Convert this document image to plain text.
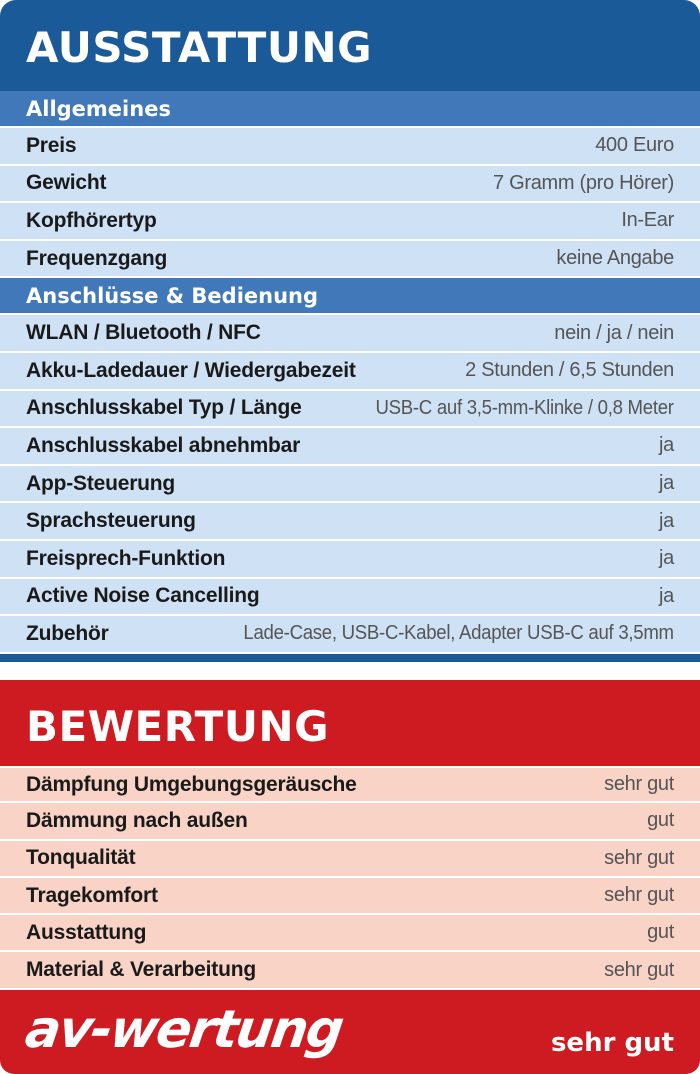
AUSSTATTUNG
Allgemeines
Preis	400 Euro
Gewicht	7 Gramm (pro Hörer)
Kopfhörertyp	In-Ear
Frequenzgang	keine Angabe
Anschlüsse & Bedienung
WLAN / Bluetooth / NFC	nein / ja / nein
Akku-Ladedauer / Wiedergabezeit	2 Stunden / 6,5 Stunden
Anschlusskabel Typ / Länge	USB-C auf 3,5-mm-Klinke / 0,8 Meter
Anschlusskabel abnehmbar	ja
App-Steuerung	ja
Sprachsteuerung	ja
Freisprech-Funktion	ja
Active Noise Cancelling	ja
Zubehör	Lade-Case, USB-C-Kabel, Adapter USB-C auf 3,5mm
BEWERTUNG
Dämpfung Umgebungsgeräusche	sehr gut
Dämmung nach außen	gut
Tonqualität	sehr gut
Tragekomfort	sehr gut
Ausstattung	gut
Material & Verarbeitung	sehr gut
av-wertung	sehr gut
